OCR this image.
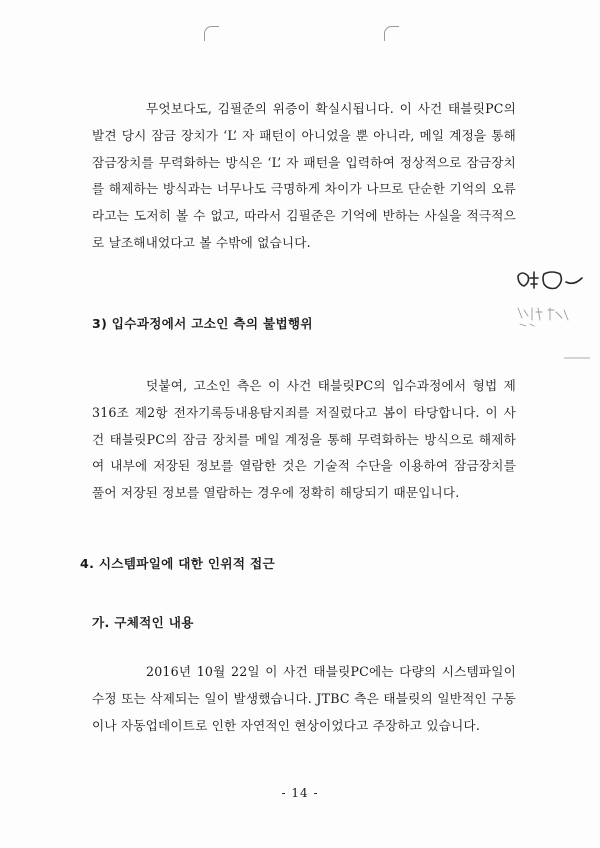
무엇보다도, 김필준의 위증이 확실시됩니다. 이 사건 태블릿PC의 발견 당시 잠금 장치가 ‘L’ 자 패턴이 아니었을 뿐 아니라, 메일 계정을 통해 잠금장치를 무력화하는 방식은 ‘L’ 자 패턴을 입력하여 정상적으로 잠금장치를 해제하는 방식과는 너무나도 극명하게 차이가 나므로 단순한 기억의 오류라고는 도저히 볼 수 없고, 따라서 김필준은 기억에 반하는 사실을 적극적으로 날조해내었다고 볼 수밖에 없습니다.
3) 입수과정에서 고소인 측의 불법행위
덧붙여, 고소인 측은 이 사건 태블릿PC의 입수과정에서 형법 제316조 제2항 전자기록등내용탐지죄를 저질렀다고 봄이 타당합니다. 이 사건 태블릿PC의 잠금 장치를 메일 계정을 통해 무력화하는 방식으로 해제하여 내부에 저장된 정보를 열람한 것은 기술적 수단을 이용하여 잠금장치를 풀어 저장된 정보를 열람하는 경우에 정확히 해당되기 때문입니다.
4. 시스템파일에 대한 인위적 접근
가. 구체적인 내용
2016년 10월 22일 이 사건 태블릿PC에는 다량의 시스템파일이 수정 또는 삭제되는 일이 발생했습니다. JTBC 측은 태블릿의 일반적인 구동이나 자동업데이트로 인한 자연적인 현상이었다고 주장하고 있습니다.
- 14 -
